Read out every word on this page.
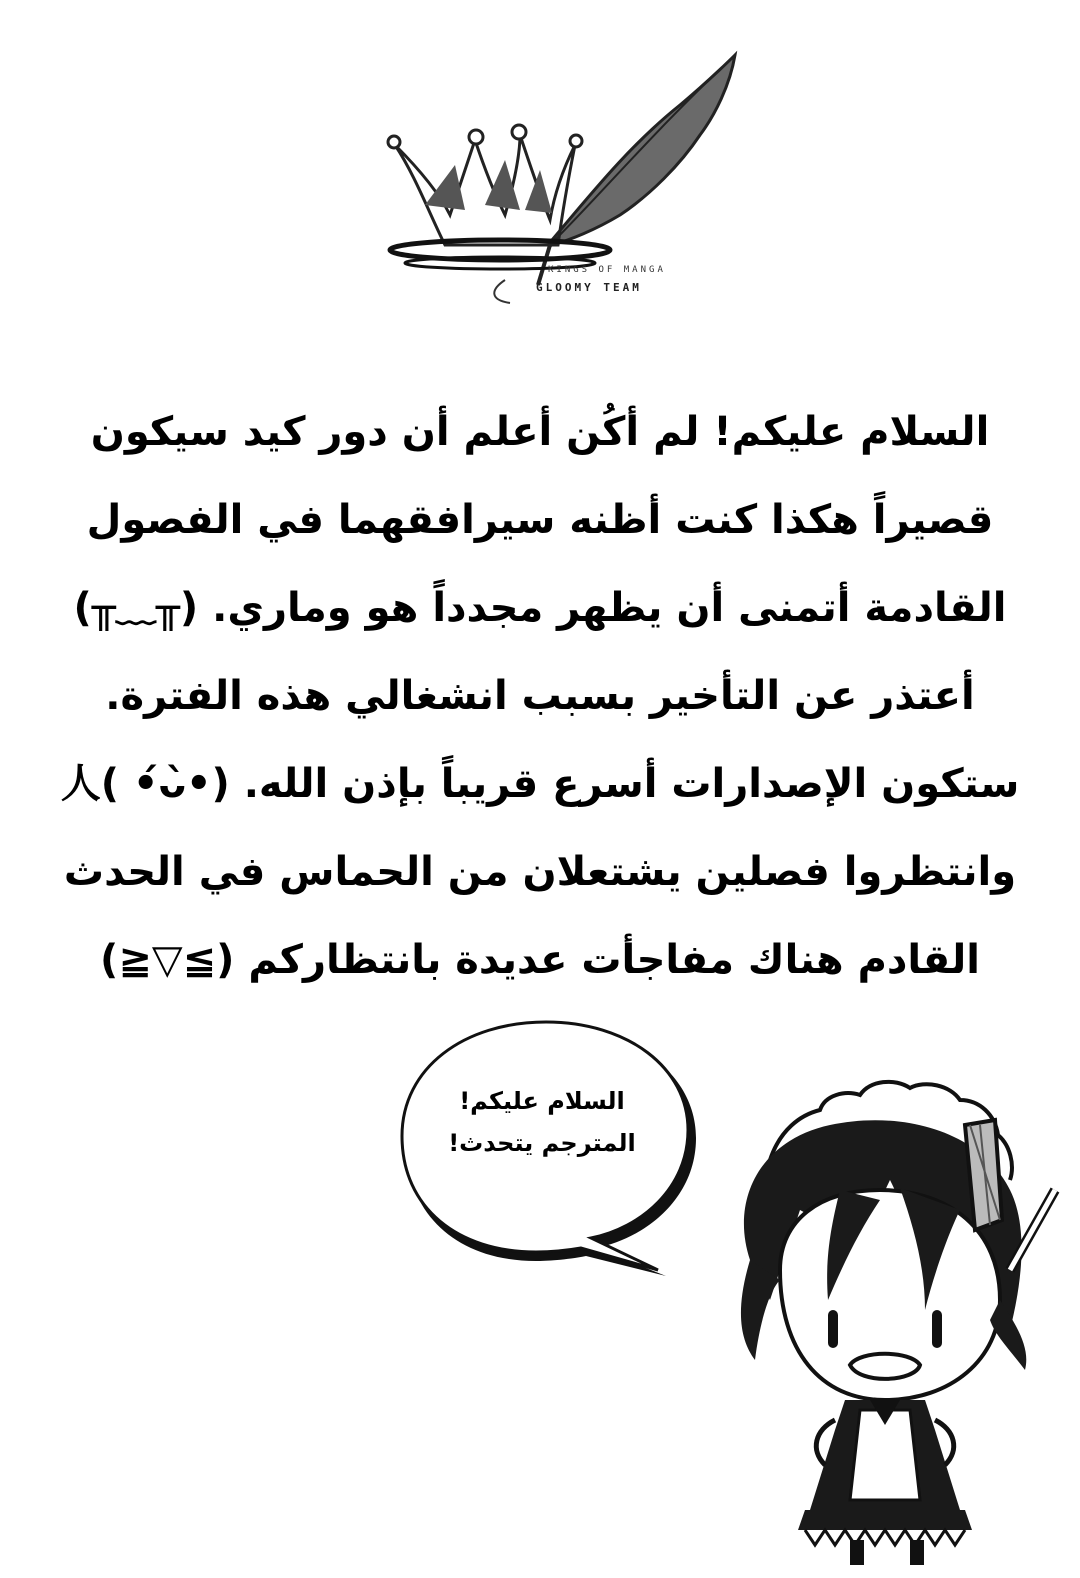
KINGS OF MANGA
GLOOMY TEAM
السلام عليكم! لم أكُن أعلم أن دور كيد سيكون
قصيراً هكذا كنت أظنه سيرافقهما في الفصول
القادمة أتمنى أن يظهر مجدداً هو وماري. (╥﹏╥)
أعتذر عن التأخير بسبب انشغالي هذه الفترة.
ستكون الإصدارات أسرع قريباً بإذن الله. (•̀ᴗ•́ )人
وانتظروا فصلين يشتعلان من الحماس في الحدث
القادم هناك مفاجأت عديدة بانتظاركم (≧▽≦)
السلام عليكم!
المترجم يتحدث!
